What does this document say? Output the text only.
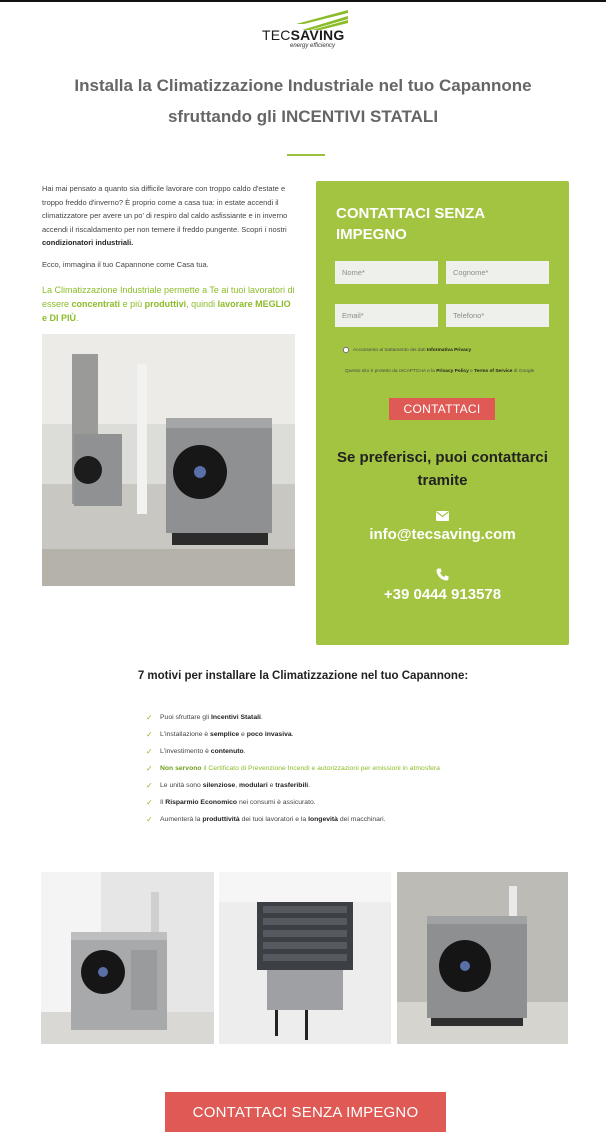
TECSAVING
energy efficiency
Installa la Climatizzazione Industriale nel tuo Capannone
sfruttando gli INCENTIVI STATALI

Hai mai pensato a quanto sia difficile lavorare con troppo caldo d'estate e troppo freddo d'inverno? È proprio come a casa tua: in estate accendi il climatizzatore per avere un po' di respiro dal caldo asfissiante e in inverno accendi il riscaldamento per non temere il freddo pungente. Scopri i nostri condizionatori industriali.

Ecco, immagina il tuo Capannone come Casa tua.

La Climatizzazione Industriale permette a Te ai tuoi lavoratori di essere concentrati e più produttivi, quindi lavorare MEGLIO e DI PIÙ.

CONTATTACI SENZA IMPEGNO
Nome*
Cognome*
Email*
Telefono*
Acconsento al trattamento dei dati
Informativa Privacy
Questo sito è protetto da reCAPTCHA e la Privacy Policy e Terms of Service di Google
CONTATTACI
Se preferisci, puoi contattarci tramite
info@tecsaving.com
+39 0444 913578
7 motivi per installare la Climatizzazione nel tuo Capannone:
✓ Puoi sfruttare gli Incentivi Statali.
✓ L'installazione è semplice e poco invasiva.
✓ L'investimento è contenuto.
✓ Non servono il Certificato di Prevenzione Incendi e autorizzazioni per emissioni in atmosfera
✓ Le unità sono silenziose, modulari e trasferibili.
✓ Il Risparmio Economico nei consumi è assicurato.
✓ Aumenterà la produttività dei tuoi lavoratori e la longevità dei macchinari.
CONTATTACI SENZA IMPEGNO
